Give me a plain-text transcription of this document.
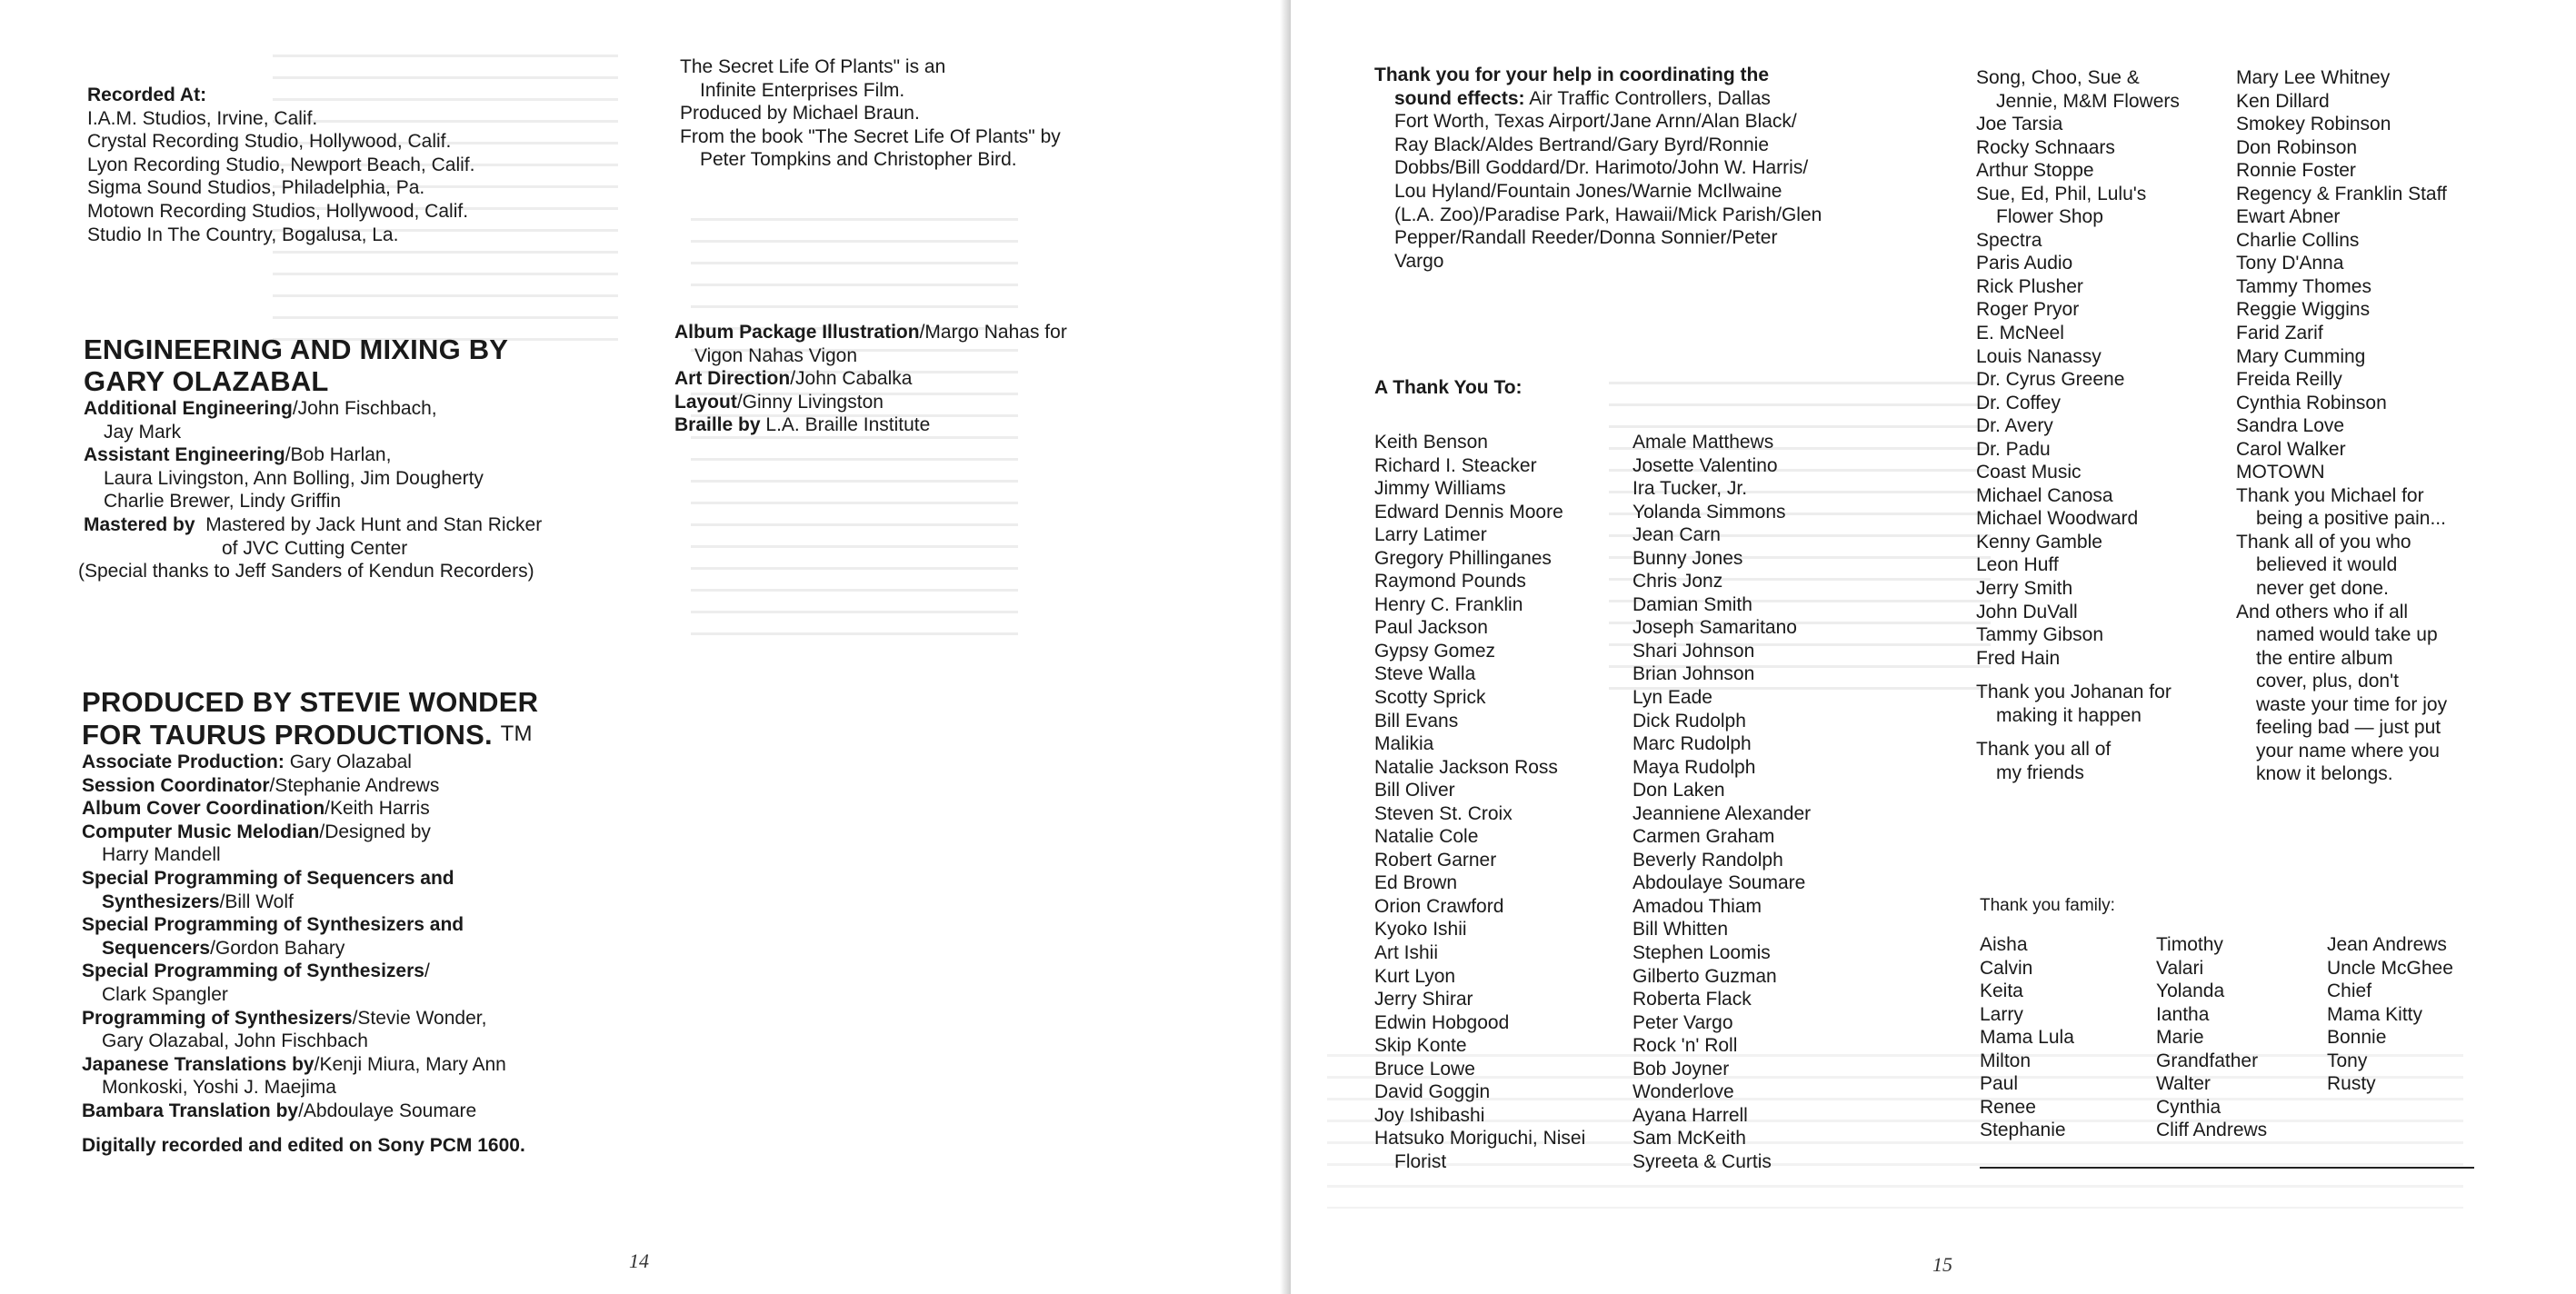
Recorded At:
I.A.M. Studios, Irvine, Calif.
Crystal Recording Studio, Hollywood, Calif.
Lyon Recording Studio, Newport Beach, Calif.
Sigma Sound Studios, Philadelphia, Pa.
Motown Recording Studios, Hollywood, Calif.
Studio In The Country, Bogalusa, La.
The Secret Life Of Plants" is an
Infinite Enterprises Film.
Produced by Michael Braun.
From the book "The Secret Life Of Plants" by
Peter Tompkins and Christopher Bird.
ENGINEERING AND MIXING BY
GARY OLAZABAL
Additional Engineering/John Fischbach,
Jay Mark
Assistant Engineering/Bob Harlan,
Laura Livingston, Ann Bolling, Jim Dougherty
Charlie Brewer, Lindy Griffin
Mastered by Mastered by Jack Hunt and Stan Ricker
of JVC Cutting Center
(Special thanks to Jeff Sanders of Kendun Recorders)
Album Package Illustration/Margo Nahas for
Vigon Nahas Vigon
Art Direction/John Cabalka
Layout/Ginny Livingston
Braille by L.A. Braille Institute
PRODUCED BY STEVIE WONDER
FOR TAURUS PRODUCTIONS. TM
Associate Production: Gary Olazabal
Session Coordinator/Stephanie Andrews
Album Cover Coordination/Keith Harris
Computer Music Melodian/Designed by
Harry Mandell
Special Programming of Sequencers and
Synthesizers/Bill Wolf
Special Programming of Synthesizers and
Sequencers/Gordon Bahary
Special Programming of Synthesizers/
Clark Spangler
Programming of Synthesizers/Stevie Wonder,
Gary Olazabal, John Fischbach
Japanese Translations by/Kenji Miura, Mary Ann
Monkoski, Yoshi J. Maejima
Bambara Translation by/Abdoulaye Soumare
Digitally recorded and edited on Sony PCM 1600.
14
Thank you for your help in coordinating the
sound effects: Air Traffic Controllers, Dallas
Fort Worth, Texas Airport/Jane Arnn/Alan Black/
Ray Black/Aldes Bertrand/Gary Byrd/Ronnie
Dobbs/Bill Goddard/Dr. Harimoto/John W. Harris/
Lou Hyland/Fountain Jones/Warnie McIlwaine
(L.A. Zoo)/Paradise Park, Hawaii/Mick Parish/Glen
Pepper/Randall Reeder/Donna Sonnier/Peter
Vargo
A Thank You To:
Keith Benson
Richard I. Steacker
Jimmy Williams
Edward Dennis Moore
Larry Latimer
Gregory Phillinganes
Raymond Pounds
Henry C. Franklin
Paul Jackson
Gypsy Gomez
Steve Walla
Scotty Sprick
Bill Evans
Malikia
Natalie Jackson Ross
Bill Oliver
Steven St. Croix
Natalie Cole
Robert Garner
Ed Brown
Orion Crawford
Kyoko Ishii
Art Ishii
Kurt Lyon
Jerry Shirar
Edwin Hobgood
Skip Konte
Bruce Lowe
David Goggin
Joy Ishibashi
Hatsuko Moriguchi, Nisei
Florist
Amale Matthews
Josette Valentino
Ira Tucker, Jr.
Yolanda Simmons
Jean Carn
Bunny Jones
Chris Jonz
Damian Smith
Joseph Samaritano
Shari Johnson
Brian Johnson
Lyn Eade
Dick Rudolph
Marc Rudolph
Maya Rudolph
Don Laken
Jeanniene Alexander
Carmen Graham
Beverly Randolph
Abdoulaye Soumare
Amadou Thiam
Bill Whitten
Stephen Loomis
Gilberto Guzman
Roberta Flack
Peter Vargo
Rock 'n' Roll
Bob Joyner
Wonderlove
Ayana Harrell
Sam McKeith
Syreeta & Curtis
Song, Choo, Sue &
Jennie, M&M Flowers
Joe Tarsia
Rocky Schnaars
Arthur Stoppe
Sue, Ed, Phil, Lulu's
Flower Shop
Spectra
Paris Audio
Rick Plusher
Roger Pryor
E. McNeel
Louis Nanassy
Dr. Cyrus Greene
Dr. Coffey
Dr. Avery
Dr. Padu
Coast Music
Michael Canosa
Michael Woodward
Kenny Gamble
Leon Huff
Jerry Smith
John DuVall
Tammy Gibson
Fred Hain
Thank you Johanan for
making it happen
Thank you all of
my friends
Mary Lee Whitney
Ken Dillard
Smokey Robinson
Don Robinson
Ronnie Foster
Regency & Franklin Staff
Ewart Abner
Charlie Collins
Tony D'Anna
Tammy Thomes
Reggie Wiggins
Farid Zarif
Mary Cumming
Freida Reilly
Cynthia Robinson
Sandra Love
Carol Walker
MOTOWN
Thank you Michael for
being a positive pain...
Thank all of you who
believed it would
never get done.
And others who if all
named would take up
the entire album
cover, plus, don't
waste your time for joy
feeling bad — just put
your name where you
know it belongs.
Thank you family:
Aisha
Calvin
Keita
Larry
Mama Lula
Milton
Paul
Renee
Stephanie
Timothy
Valari
Yolanda
Iantha
Marie
Grandfather
Walter
Cynthia
Cliff Andrews
Jean Andrews
Uncle McGhee
Chief
Mama Kitty
Bonnie
Tony
Rusty
15
